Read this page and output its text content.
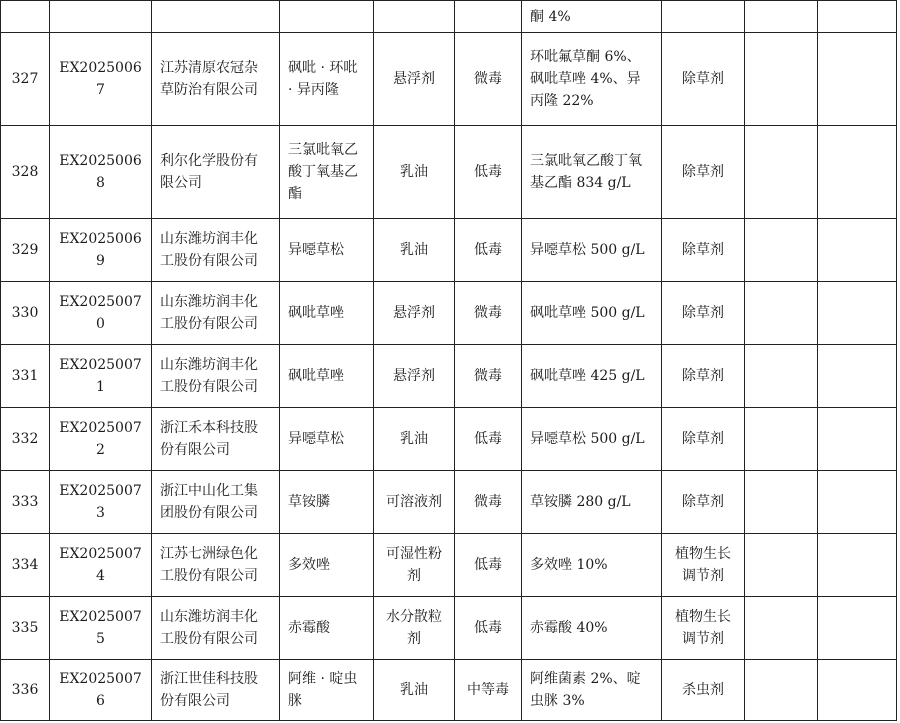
						酮 4%			
327	EX20250067	江苏清原农冠杂草防治有限公司	砜吡 · 环吡 · 异丙隆	悬浮剂	微毒	环吡氟草酮 6%、砜吡草唑 4%、异丙隆 22%	除草剂		
328	EX20250068	利尔化学股份有限公司	三氯吡氧乙酸丁氧基乙酯	乳油	低毒	三氯吡氧乙酸丁氧基乙酯 834 g/L	除草剂		
329	EX20250069	山东潍坊润丰化工股份有限公司	异噁草松	乳油	低毒	异噁草松 500 g/L	除草剂		
330	EX20250070	山东潍坊润丰化工股份有限公司	砜吡草唑	悬浮剂	微毒	砜吡草唑 500 g/L	除草剂		
331	EX20250071	山东潍坊润丰化工股份有限公司	砜吡草唑	悬浮剂	微毒	砜吡草唑 425 g/L	除草剂		
332	EX20250072	浙江禾本科技股份有限公司	异噁草松	乳油	低毒	异噁草松 500 g/L	除草剂		
333	EX20250073	浙江中山化工集团股份有限公司	草铵膦	可溶液剂	微毒	草铵膦 280 g/L	除草剂		
334	EX20250074	江苏七洲绿色化工股份有限公司	多效唑	可湿性粉剂	低毒	多效唑 10%	植物生长调节剂		
335	EX20250075	山东潍坊润丰化工股份有限公司	赤霉酸	水分散粒剂	低毒	赤霉酸 40%	植物生长调节剂		
336	EX20250076	浙江世佳科技股份有限公司	阿维 · 啶虫脒	乳油	中等毒	阿维菌素 2%、啶虫脒 3%	杀虫剂		
